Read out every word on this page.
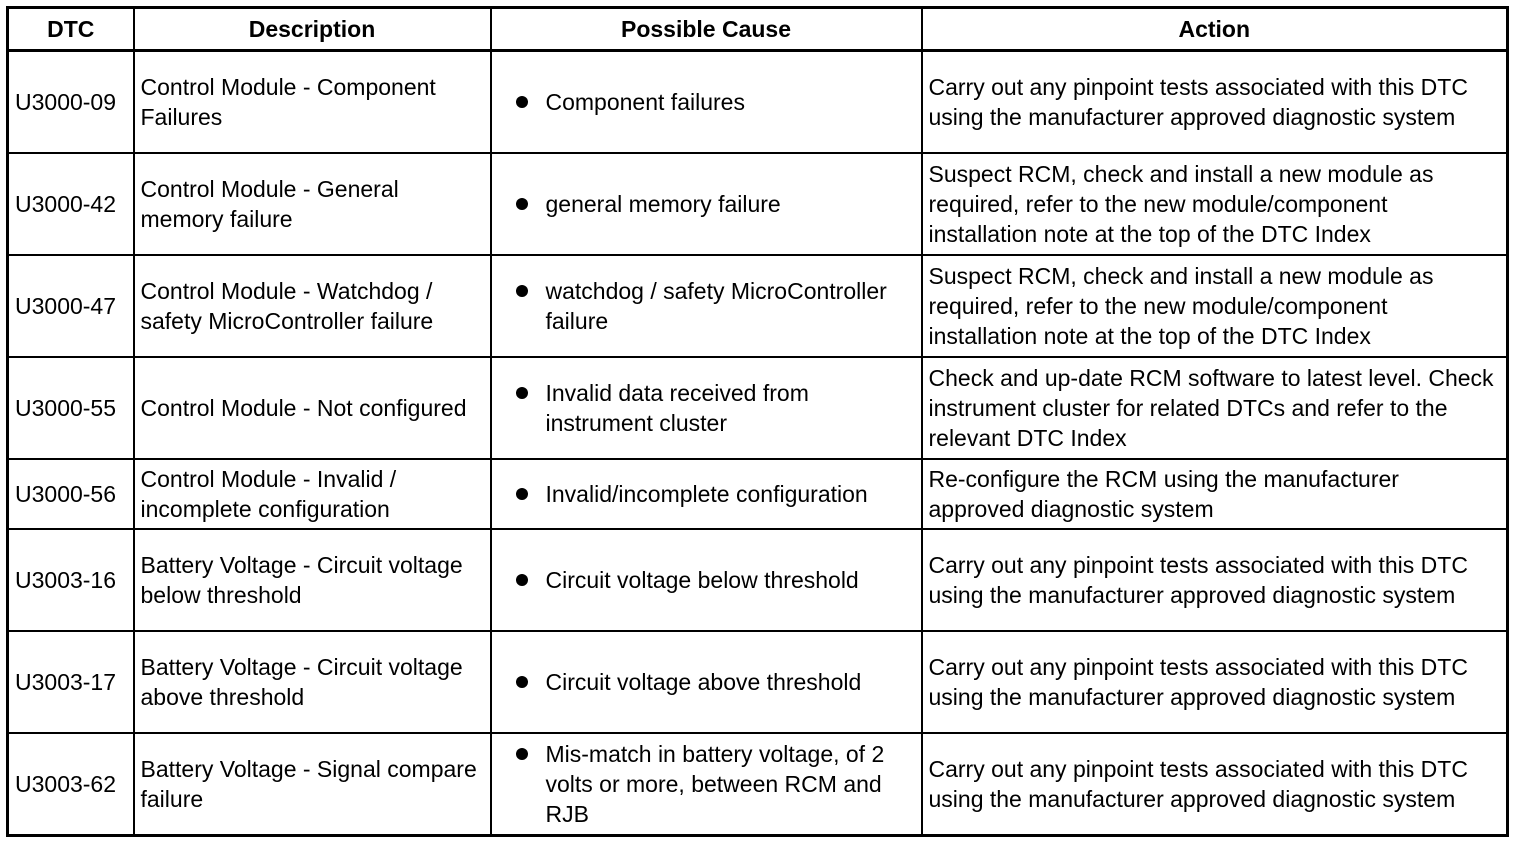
DTC	Description	Possible Cause	Action
U3000-09	Control Module - Component Failures	Component failures	Carry out any pinpoint tests associated with this DTC using the manufacturer approved diagnostic system
U3000-42	Control Module - General memory failure	general memory failure	Suspect RCM, check and install a new module as required, refer to the new module/component installation note at the top of the DTC Index
U3000-47	Control Module - Watchdog / safety MicroController failure	watchdog / safety MicroController failure	Suspect RCM, check and install a new module as required, refer to the new module/component installation note at the top of the DTC Index
U3000-55	Control Module - Not configured	Invalid data received from instrument cluster	Check and up-date RCM software to latest level. Check instrument cluster for related DTCs and refer to the relevant DTC Index
U3000-56	Control Module - Invalid / incomplete configuration	Invalid/incomplete configuration	Re-configure the RCM using the manufacturer approved diagnostic system
U3003-16	Battery Voltage - Circuit voltage below threshold	Circuit voltage below threshold	Carry out any pinpoint tests associated with this DTC using the manufacturer approved diagnostic system
U3003-17	Battery Voltage - Circuit voltage above threshold	Circuit voltage above threshold	Carry out any pinpoint tests associated with this DTC using the manufacturer approved diagnostic system
U3003-62	Battery Voltage - Signal compare failure	Mis-match in battery voltage, of 2 volts or more, between RCM and RJB	Carry out any pinpoint tests associated with this DTC using the manufacturer approved diagnostic system
